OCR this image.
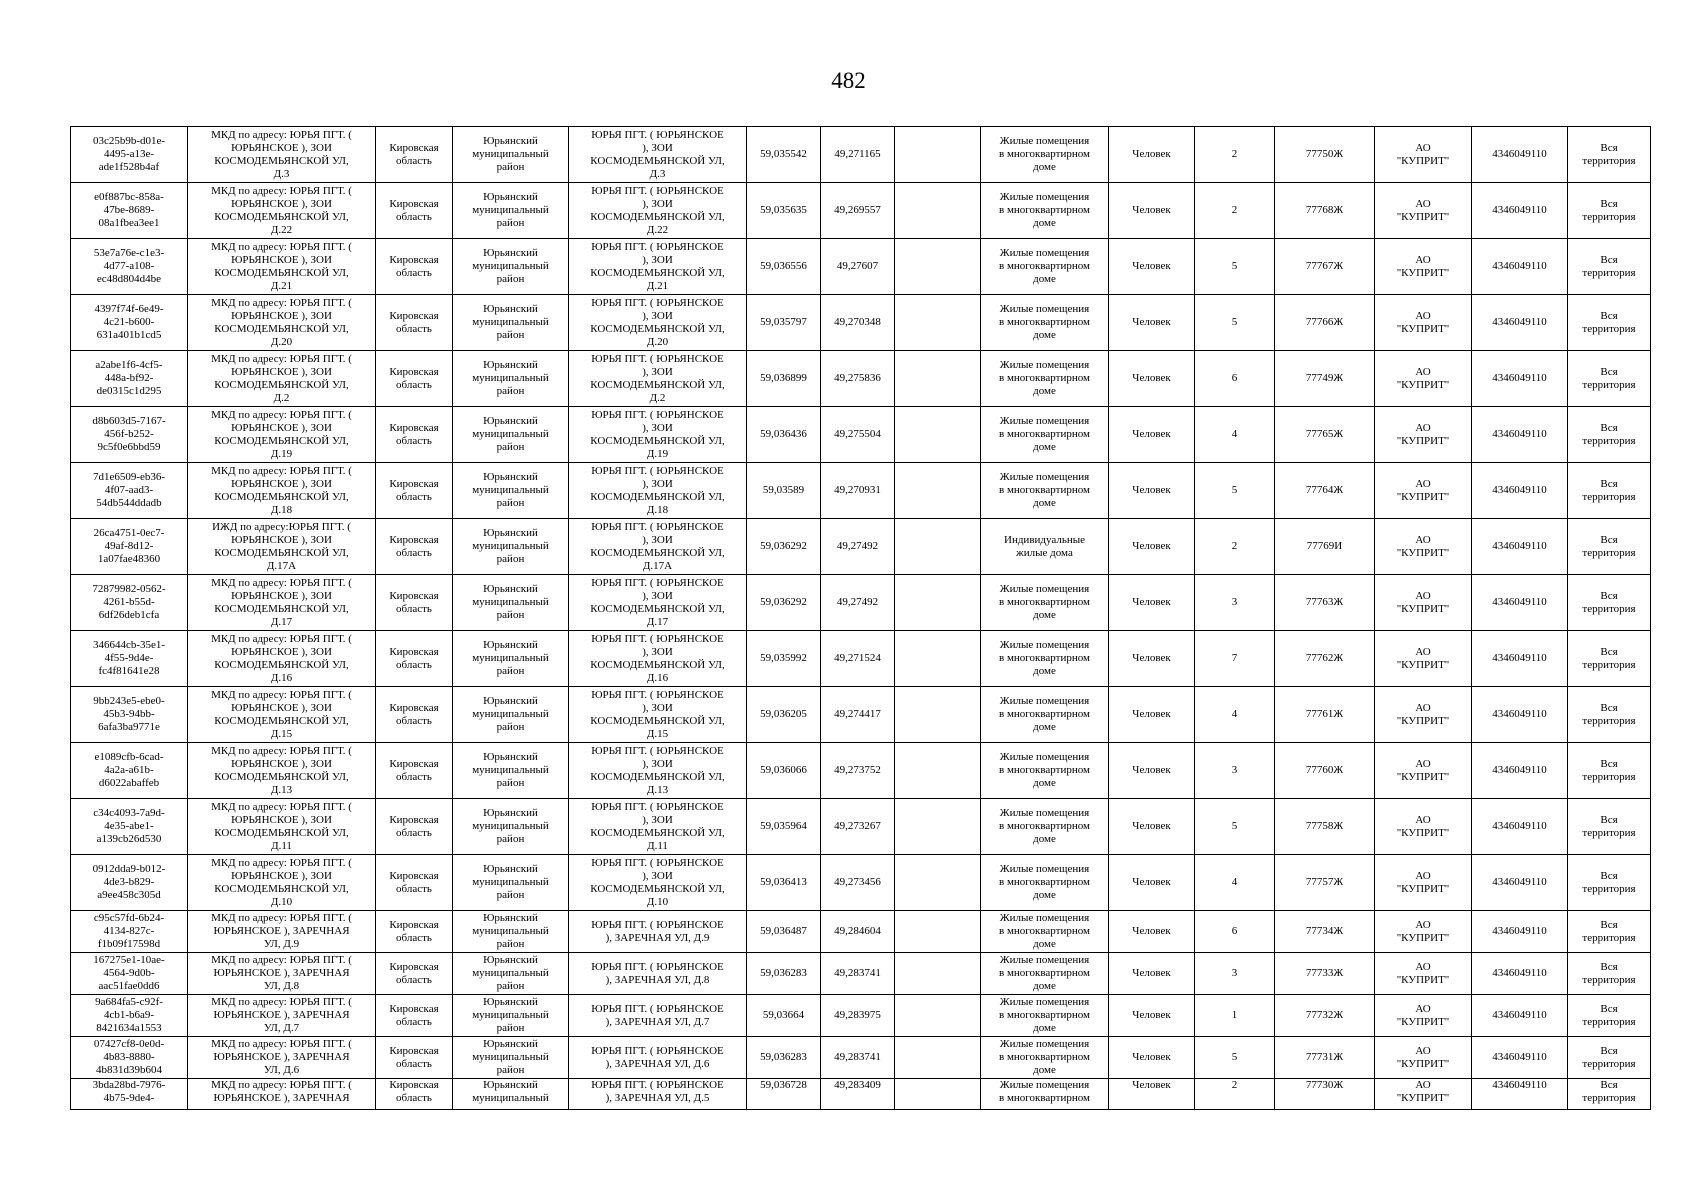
482
03c25b9b-d01e-
4495-a13e-
ade1f528b4af	МКД по адресу: ЮРЬЯ ПГТ. (
ЮРЬЯНСКОЕ ), ЗОИ
КОСМОДЕМЬЯНСКОЙ УЛ,
Д.3	Кировская
область	Юрьянский
муниципальный
район	ЮРЬЯ ПГТ. ( ЮРЬЯНСКОЕ
), ЗОИ
КОСМОДЕМЬЯНСКОЙ УЛ,
Д.3	59,035542	49,271165		Жилые помещения
в многоквартирном
доме	Человек	2	77750Ж	АО
"КУПРИТ"	4346049110	Вся
территория
e0f887bc-858a-
47be-8689-
08a1fbea3ee1	МКД по адресу: ЮРЬЯ ПГТ. (
ЮРЬЯНСКОЕ ), ЗОИ
КОСМОДЕМЬЯНСКОЙ УЛ,
Д.22	Кировская
область	Юрьянский
муниципальный
район	ЮРЬЯ ПГТ. ( ЮРЬЯНСКОЕ
), ЗОИ
КОСМОДЕМЬЯНСКОЙ УЛ,
Д.22	59,035635	49,269557		Жилые помещения
в многоквартирном
доме	Человек	2	77768Ж	АО
"КУПРИТ"	4346049110	Вся
территория
53e7a76e-c1e3-
4d77-a108-
ec48d804d4be	МКД по адресу: ЮРЬЯ ПГТ. (
ЮРЬЯНСКОЕ ), ЗОИ
КОСМОДЕМЬЯНСКОЙ УЛ,
Д.21	Кировская
область	Юрьянский
муниципальный
район	ЮРЬЯ ПГТ. ( ЮРЬЯНСКОЕ
), ЗОИ
КОСМОДЕМЬЯНСКОЙ УЛ,
Д.21	59,036556	49,27607		Жилые помещения
в многоквартирном
доме	Человек	5	77767Ж	АО
"КУПРИТ"	4346049110	Вся
территория
4397f74f-6e49-
4c21-b600-
631a401b1cd5	МКД по адресу: ЮРЬЯ ПГТ. (
ЮРЬЯНСКОЕ ), ЗОИ
КОСМОДЕМЬЯНСКОЙ УЛ,
Д.20	Кировская
область	Юрьянский
муниципальный
район	ЮРЬЯ ПГТ. ( ЮРЬЯНСКОЕ
), ЗОИ
КОСМОДЕМЬЯНСКОЙ УЛ,
Д.20	59,035797	49,270348		Жилые помещения
в многоквартирном
доме	Человек	5	77766Ж	АО
"КУПРИТ"	4346049110	Вся
территория
a2abe1f6-4cf5-
448a-bf92-
de0315c1d295	МКД по адресу: ЮРЬЯ ПГТ. (
ЮРЬЯНСКОЕ ), ЗОИ
КОСМОДЕМЬЯНСКОЙ УЛ,
Д.2	Кировская
область	Юрьянский
муниципальный
район	ЮРЬЯ ПГТ. ( ЮРЬЯНСКОЕ
), ЗОИ
КОСМОДЕМЬЯНСКОЙ УЛ,
Д.2	59,036899	49,275836		Жилые помещения
в многоквартирном
доме	Человек	6	77749Ж	АО
"КУПРИТ"	4346049110	Вся
территория
d8b603d5-7167-
456f-b252-
9c5f0e6bbd59	МКД по адресу: ЮРЬЯ ПГТ. (
ЮРЬЯНСКОЕ ), ЗОИ
КОСМОДЕМЬЯНСКОЙ УЛ,
Д.19	Кировская
область	Юрьянский
муниципальный
район	ЮРЬЯ ПГТ. ( ЮРЬЯНСКОЕ
), ЗОИ
КОСМОДЕМЬЯНСКОЙ УЛ,
Д.19	59,036436	49,275504		Жилые помещения
в многоквартирном
доме	Человек	4	77765Ж	АО
"КУПРИТ"	4346049110	Вся
территория
7d1e6509-eb36-
4f07-aad3-
54db544ddadb	МКД по адресу: ЮРЬЯ ПГТ. (
ЮРЬЯНСКОЕ ), ЗОИ
КОСМОДЕМЬЯНСКОЙ УЛ,
Д.18	Кировская
область	Юрьянский
муниципальный
район	ЮРЬЯ ПГТ. ( ЮРЬЯНСКОЕ
), ЗОИ
КОСМОДЕМЬЯНСКОЙ УЛ,
Д.18	59,03589	49,270931		Жилые помещения
в многоквартирном
доме	Человек	5	77764Ж	АО
"КУПРИТ"	4346049110	Вся
территория
26ca4751-0ec7-
49af-8d12-
1a07fae48360	ИЖД по адресу:ЮРЬЯ ПГТ. (
ЮРЬЯНСКОЕ ), ЗОИ
КОСМОДЕМЬЯНСКОЙ УЛ,
Д.17А	Кировская
область	Юрьянский
муниципальный
район	ЮРЬЯ ПГТ. ( ЮРЬЯНСКОЕ
), ЗОИ
КОСМОДЕМЬЯНСКОЙ УЛ,
Д.17А	59,036292	49,27492		Индивидуальные
жилые дома	Человек	2	77769И	АО
"КУПРИТ"	4346049110	Вся
территория
72879982-0562-
4261-b55d-
6df26deb1cfa	МКД по адресу: ЮРЬЯ ПГТ. (
ЮРЬЯНСКОЕ ), ЗОИ
КОСМОДЕМЬЯНСКОЙ УЛ,
Д.17	Кировская
область	Юрьянский
муниципальный
район	ЮРЬЯ ПГТ. ( ЮРЬЯНСКОЕ
), ЗОИ
КОСМОДЕМЬЯНСКОЙ УЛ,
Д.17	59,036292	49,27492		Жилые помещения
в многоквартирном
доме	Человек	3	77763Ж	АО
"КУПРИТ"	4346049110	Вся
территория
346644cb-35e1-
4f55-9d4e-
fc4f81641e28	МКД по адресу: ЮРЬЯ ПГТ. (
ЮРЬЯНСКОЕ ), ЗОИ
КОСМОДЕМЬЯНСКОЙ УЛ,
Д.16	Кировская
область	Юрьянский
муниципальный
район	ЮРЬЯ ПГТ. ( ЮРЬЯНСКОЕ
), ЗОИ
КОСМОДЕМЬЯНСКОЙ УЛ,
Д.16	59,035992	49,271524		Жилые помещения
в многоквартирном
доме	Человек	7	77762Ж	АО
"КУПРИТ"	4346049110	Вся
территория
9bb243e5-ebe0-
45b3-94bb-
6afa3ba9771e	МКД по адресу: ЮРЬЯ ПГТ. (
ЮРЬЯНСКОЕ ), ЗОИ
КОСМОДЕМЬЯНСКОЙ УЛ,
Д.15	Кировская
область	Юрьянский
муниципальный
район	ЮРЬЯ ПГТ. ( ЮРЬЯНСКОЕ
), ЗОИ
КОСМОДЕМЬЯНСКОЙ УЛ,
Д.15	59,036205	49,274417		Жилые помещения
в многоквартирном
доме	Человек	4	77761Ж	АО
"КУПРИТ"	4346049110	Вся
территория
e1089cfb-6cad-
4a2a-a61b-
d6022abaffeb	МКД по адресу: ЮРЬЯ ПГТ. (
ЮРЬЯНСКОЕ ), ЗОИ
КОСМОДЕМЬЯНСКОЙ УЛ,
Д.13	Кировская
область	Юрьянский
муниципальный
район	ЮРЬЯ ПГТ. ( ЮРЬЯНСКОЕ
), ЗОИ
КОСМОДЕМЬЯНСКОЙ УЛ,
Д.13	59,036066	49,273752		Жилые помещения
в многоквартирном
доме	Человек	3	77760Ж	АО
"КУПРИТ"	4346049110	Вся
территория
c34c4093-7a9d-
4e35-abe1-
a139cb26d530	МКД по адресу: ЮРЬЯ ПГТ. (
ЮРЬЯНСКОЕ ), ЗОИ
КОСМОДЕМЬЯНСКОЙ УЛ,
Д.11	Кировская
область	Юрьянский
муниципальный
район	ЮРЬЯ ПГТ. ( ЮРЬЯНСКОЕ
), ЗОИ
КОСМОДЕМЬЯНСКОЙ УЛ,
Д.11	59,035964	49,273267		Жилые помещения
в многоквартирном
доме	Человек	5	77758Ж	АО
"КУПРИТ"	4346049110	Вся
территория
0912dda9-b012-
4de3-b829-
a9ee458c305d	МКД по адресу: ЮРЬЯ ПГТ. (
ЮРЬЯНСКОЕ ), ЗОИ
КОСМОДЕМЬЯНСКОЙ УЛ,
Д.10	Кировская
область	Юрьянский
муниципальный
район	ЮРЬЯ ПГТ. ( ЮРЬЯНСКОЕ
), ЗОИ
КОСМОДЕМЬЯНСКОЙ УЛ,
Д.10	59,036413	49,273456		Жилые помещения
в многоквартирном
доме	Человек	4	77757Ж	АО
"КУПРИТ"	4346049110	Вся
территория
c95c57fd-6b24-
4134-827c-
f1b09f17598d	МКД по адресу: ЮРЬЯ ПГТ. (
ЮРЬЯНСКОЕ ), ЗАРЕЧНАЯ
УЛ, Д.9	Кировская
область	Юрьянский
муниципальный
район	ЮРЬЯ ПГТ. ( ЮРЬЯНСКОЕ
), ЗАРЕЧНАЯ УЛ, Д.9	59,036487	49,284604		Жилые помещения
в многоквартирном
доме	Человек	6	77734Ж	АО
"КУПРИТ"	4346049110	Вся
территория
167275e1-10ae-
4564-9d0b-
aac51fae0dd6	МКД по адресу: ЮРЬЯ ПГТ. (
ЮРЬЯНСКОЕ ), ЗАРЕЧНАЯ
УЛ, Д.8	Кировская
область	Юрьянский
муниципальный
район	ЮРЬЯ ПГТ. ( ЮРЬЯНСКОЕ
), ЗАРЕЧНАЯ УЛ, Д.8	59,036283	49,283741		Жилые помещения
в многоквартирном
доме	Человек	3	77733Ж	АО
"КУПРИТ"	4346049110	Вся
территория
9a684fa5-c92f-
4cb1-b6a9-
8421634a1553	МКД по адресу: ЮРЬЯ ПГТ. (
ЮРЬЯНСКОЕ ), ЗАРЕЧНАЯ
УЛ, Д.7	Кировская
область	Юрьянский
муниципальный
район	ЮРЬЯ ПГТ. ( ЮРЬЯНСКОЕ
), ЗАРЕЧНАЯ УЛ, Д.7	59,03664	49,283975		Жилые помещения
в многоквартирном
доме	Человек	1	77732Ж	АО
"КУПРИТ"	4346049110	Вся
территория
07427cf8-0e0d-
4b83-8880-
4b831d39b604	МКД по адресу: ЮРЬЯ ПГТ. (
ЮРЬЯНСКОЕ ), ЗАРЕЧНАЯ
УЛ, Д.6	Кировская
область	Юрьянский
муниципальный
район	ЮРЬЯ ПГТ. ( ЮРЬЯНСКОЕ
), ЗАРЕЧНАЯ УЛ, Д.6	59,036283	49,283741		Жилые помещения
в многоквартирном
доме	Человек	5	77731Ж	АО
"КУПРИТ"	4346049110	Вся
территория
3bda28bd-7976-
4b75-9de4-	МКД по адресу: ЮРЬЯ ПГТ. (
ЮРЬЯНСКОЕ ), ЗАРЕЧНАЯ	Кировская
область	Юрьянский
муниципальный	ЮРЬЯ ПГТ. ( ЮРЬЯНСКОЕ
), ЗАРЕЧНАЯ УЛ, Д.5	59,036728	49,283409		Жилые помещения
в многоквартирном	Человек	2	77730Ж	АО
"КУПРИТ"	4346049110	Вся
территория
